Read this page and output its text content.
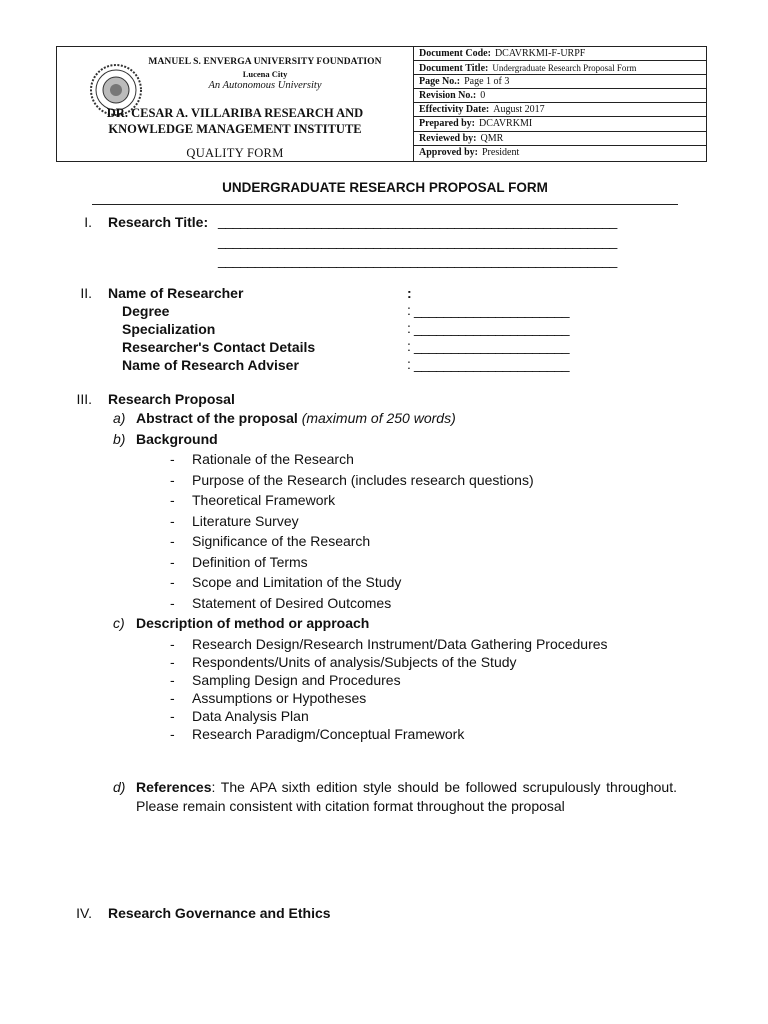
MANUEL S. ENVERGA UNIVERSITY FOUNDATION
Lucena City
An Autonomous University
DR. CESAR A. VILLARIBA RESEARCH AND
KNOWLEDGE MANAGEMENT INSTITUTE
QUALITY FORM
Document Code: DCAVRKMI-F-URPF
Document Title: Undergraduate Research Proposal Form
Page No.: Page 1 of 3
Revision No.: 0
Effectivity Date: August 2017
Prepared by: DCAVRKMI
Reviewed by: QMR
Approved by: President
UNDERGRADUATE RESEARCH PROPOSAL FORM
I. Research Title: ______________________________________________________
______________________________________________________
______________________________________________________
II. Name of Researcher	:
Degree	: _____________________
Specialization	: _____________________
Researcher's Contact Details	: _____________________
Name of Research Adviser	: _____________________
III. Research Proposal
a) Abstract of the proposal (maximum of 250 words)
b) Background
- Rationale of the Research
- Purpose of the Research (includes research questions)
- Theoretical Framework
- Literature Survey
- Significance of the Research
- Definition of Terms
- Scope and Limitation of the Study
- Statement of Desired Outcomes
c) Description of method or approach
- Research Design/Research Instrument/Data Gathering Procedures
- Respondents/Units of analysis/Subjects of the Study
- Sampling Design and Procedures
- Assumptions or Hypotheses
- Data Analysis Plan
- Research Paradigm/Conceptual Framework
d) References: The APA sixth edition style should be followed scrupulously throughout. Please remain consistent with citation format throughout the proposal
IV. Research Governance and Ethics
